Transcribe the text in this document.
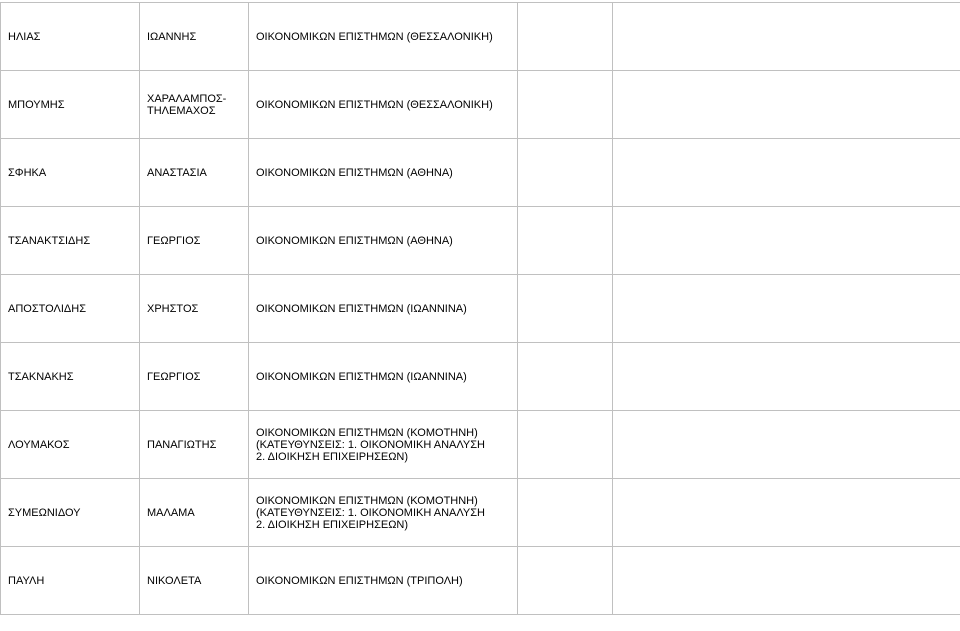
ΗΛΙΑΣ	ΙΩΑΝΝΗΣ	ΟΙΚΟΝΟΜΙΚΩΝ ΕΠΙΣΤΗΜΩΝ (ΘΕΣΣΑΛΟΝΙΚΗ)		

ΜΠΟΥΜΗΣ	ΧΑΡΑΛΑΜΠΟΣ-
ΤΗΛΕΜΑΧΟΣ	ΟΙΚΟΝΟΜΙΚΩΝ ΕΠΙΣΤΗΜΩΝ (ΘΕΣΣΑΛΟΝΙΚΗ)		

ΣΦΗΚΑ	ΑΝΑΣΤΑΣΙΑ	ΟΙΚΟΝΟΜΙΚΩΝ ΕΠΙΣΤΗΜΩΝ (ΑΘΗΝΑ)		

ΤΣΑΝΑΚΤΣΙΔΗΣ	ΓΕΩΡΓΙΟΣ	ΟΙΚΟΝΟΜΙΚΩΝ ΕΠΙΣΤΗΜΩΝ (ΑΘΗΝΑ)		

ΑΠΟΣΤΟΛΙΔΗΣ	ΧΡΗΣΤΟΣ	ΟΙΚΟΝΟΜΙΚΩΝ ΕΠΙΣΤΗΜΩΝ (ΙΩΑΝΝΙΝΑ)		

ΤΣΑΚΝΑΚΗΣ	ΓΕΩΡΓΙΟΣ	ΟΙΚΟΝΟΜΙΚΩΝ ΕΠΙΣΤΗΜΩΝ (ΙΩΑΝΝΙΝΑ)		

ΛΟΥΜΑΚΟΣ	ΠΑΝΑΓΙΩΤΗΣ	ΟΙΚΟΝΟΜΙΚΩΝ ΕΠΙΣΤΗΜΩΝ (ΚΟΜΟΤΗΝΗ)
(ΚΑΤΕΥΘΥΝΣΕΙΣ: 1. ΟΙΚΟΝΟΜΙΚΗ ΑΝΑΛΥΣΗ
2. ΔΙΟΙΚΗΣΗ ΕΠΙΧΕΙΡΗΣΕΩΝ)		

ΣΥΜΕΩΝΙΔΟΥ	ΜΑΛΑΜΑ	ΟΙΚΟΝΟΜΙΚΩΝ ΕΠΙΣΤΗΜΩΝ (ΚΟΜΟΤΗΝΗ)
(ΚΑΤΕΥΘΥΝΣΕΙΣ: 1. ΟΙΚΟΝΟΜΙΚΗ ΑΝΑΛΥΣΗ
2. ΔΙΟΙΚΗΣΗ ΕΠΙΧΕΙΡΗΣΕΩΝ)		

ΠΑΥΛΗ	ΝΙΚΟΛΕΤΑ	ΟΙΚΟΝΟΜΙΚΩΝ ΕΠΙΣΤΗΜΩΝ (ΤΡΙΠΟΛΗ)		
